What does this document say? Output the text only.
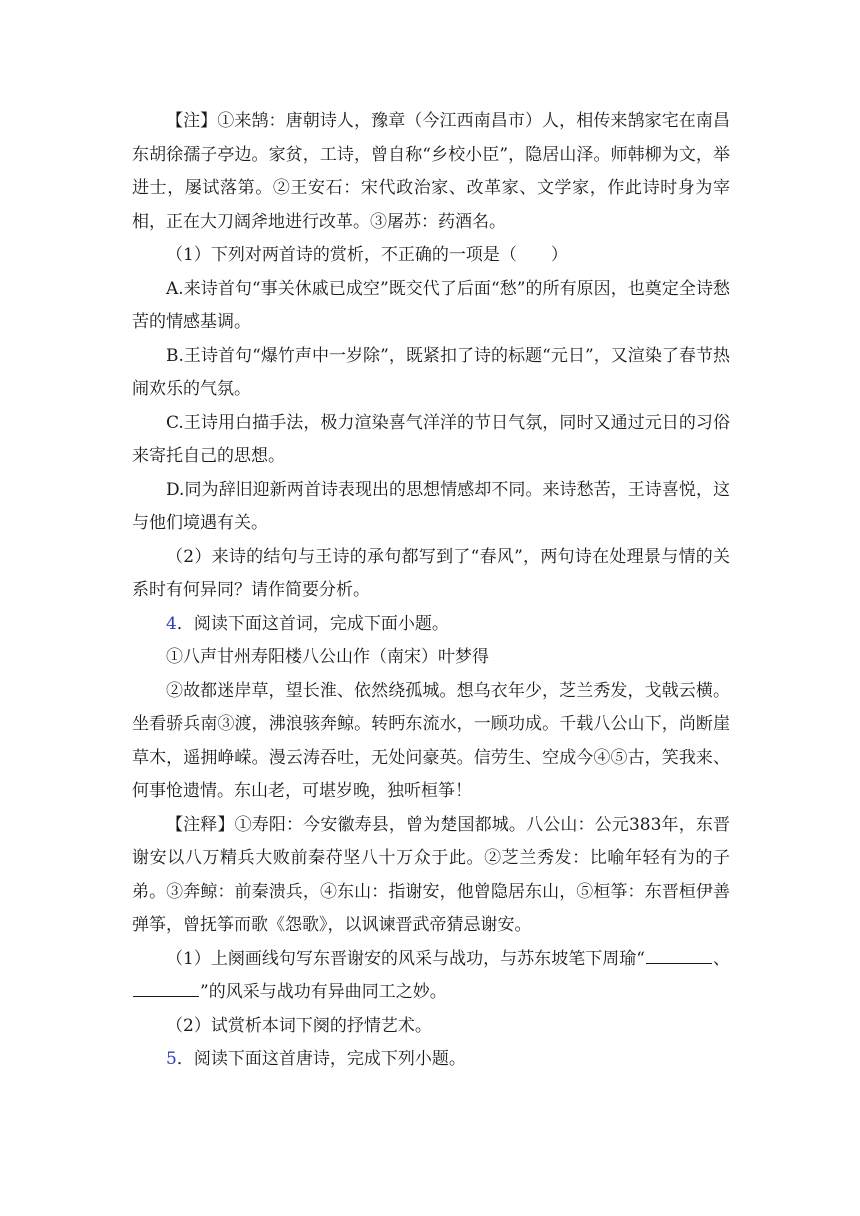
【注】①来鹄：唐朝诗人，豫章（今江西南昌市）人，相传来鹄家宅在南昌东胡徐孺子亭边。家贫，工诗，曾自称“乡校小臣”，隐居山泽。师韩柳为文，举进士，屡试落第。②王安石：宋代政治家、改革家、文学家，作此诗时身为宰相，正在大刀阔斧地进行改革。③屠苏：药酒名。

（1）下列对两首诗的赏析，不正确的一项是（　　）

A.来诗首句“事关休戚已成空”既交代了后面“愁”的所有原因，也奠定全诗愁苦的情感基调。

B.王诗首句“爆竹声中一岁除”，既紧扣了诗的标题“元日”，又渲染了春节热闹欢乐的气氛。

C.王诗用白描手法，极力渲染喜气洋洋的节日气氛，同时又通过元日的习俗来寄托自己的思想。

D.同为辞旧迎新两首诗表现出的思想情感却不同。来诗愁苦，王诗喜悦，这与他们境遇有关。

（2）来诗的结句与王诗的承句都写到了“春风”，两句诗在处理景与情的关系时有何异同？请作简要分析。

4．阅读下面这首词，完成下面小题。

①八声甘州寿阳楼八公山作（南宋）叶梦得

②故都迷岸草，望长淮、依然绕孤城。想乌衣年少，芝兰秀发，戈戟云横。坐看骄兵南③渡，沸浪骇奔鲸。转眄东流水，一顾功成。千载八公山下，尚断崖草木，遥拥峥嵘。漫云涛吞吐，无处问豪英。信劳生、空成今④⑤古，笑我来、何事怆遗情。东山老，可堪岁晚，独听桓筝！

【注释】①寿阳：今安徽寿县，曾为楚国都城。八公山：公元383年，东晋谢安以八万精兵大败前秦苻坚八十万众于此。②芝兰秀发：比喻年轻有为的子弟。③奔鲸：前秦溃兵，④东山：指谢安，他曾隐居东山，⑤桓筝：东晋桓伊善弹筝，曾抚筝而歌《怨歌》，以讽谏晋武帝猜忌谢安。

（1）上阕画线句写东晋谢安的风采与战功，与苏东坡笔下周瑜“	、”的风采与战功有异曲同工之妙。

（2）试赏析本词下阕的抒情艺术。

5．阅读下面这首唐诗，完成下列小题。
